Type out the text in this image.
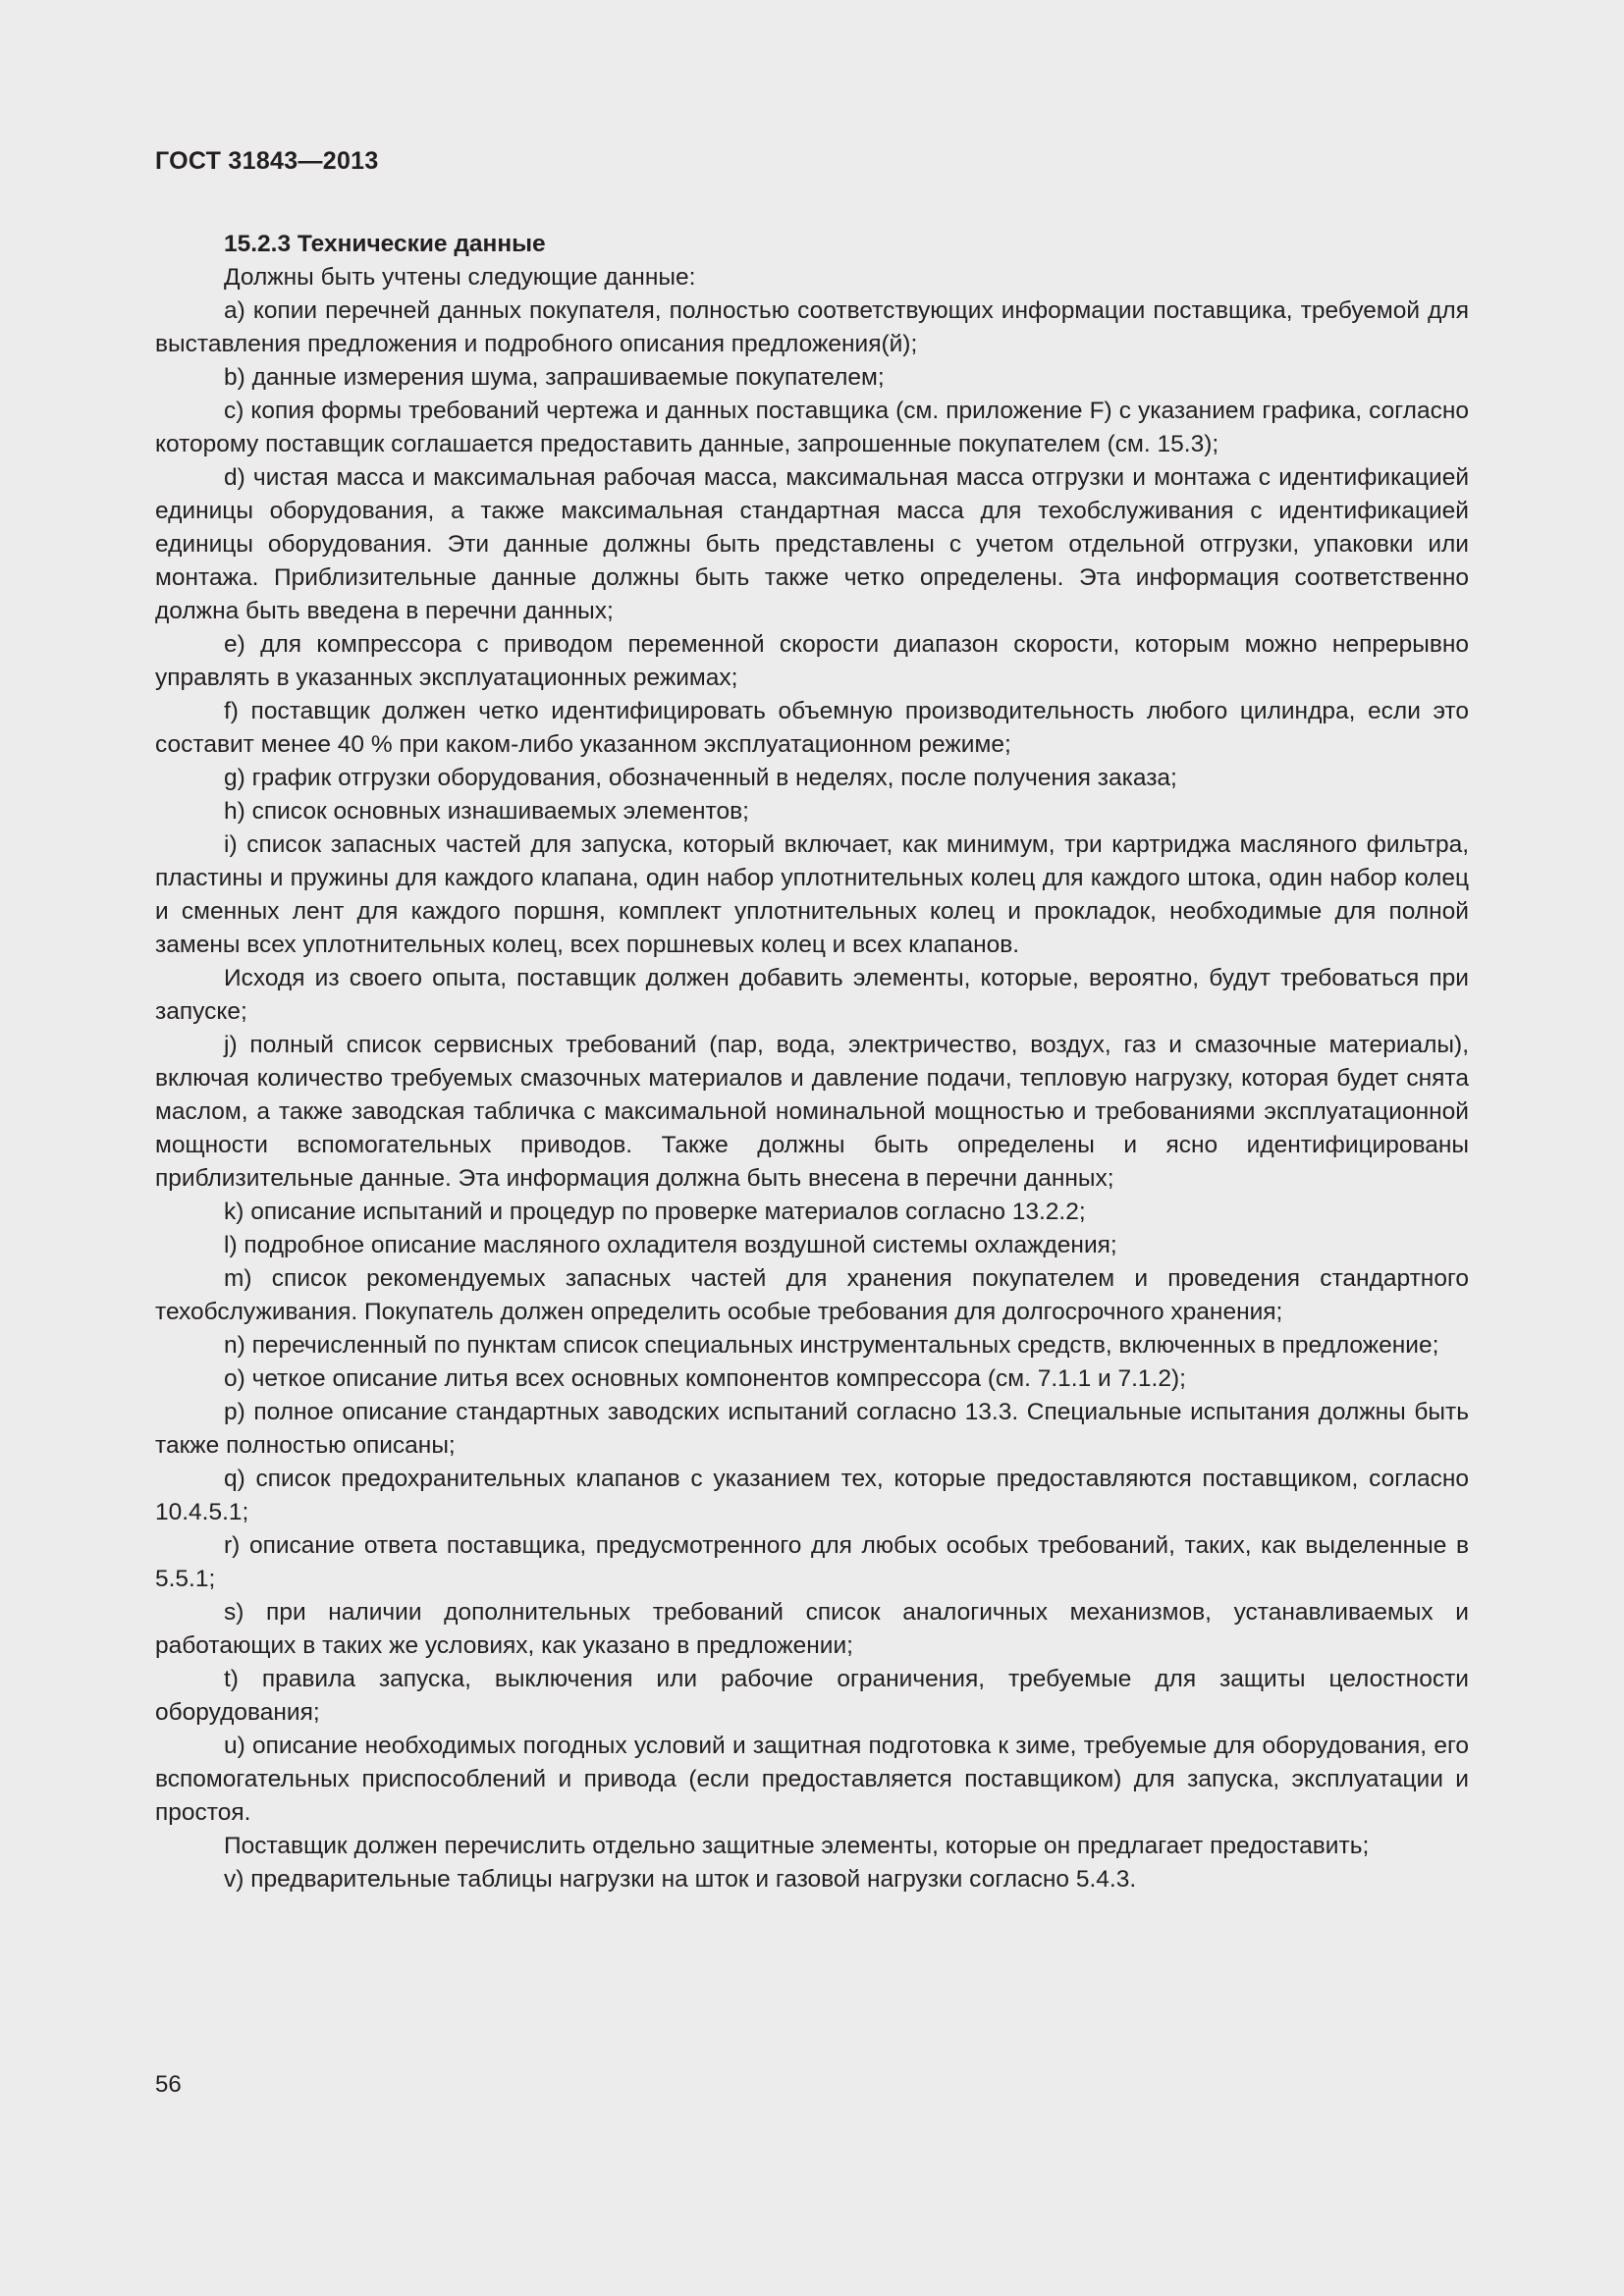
ГОСТ 31843—2013

15.2.3 Технические данные

Должны быть учтены следующие данные:

a) копии перечней данных покупателя, полностью соответствующих информации поставщика, требуемой для выставления предложения и подробного описания предложения(й);

b) данные измерения шума, запрашиваемые покупателем;

c) копия формы требований чертежа и данных поставщика (см. приложение F) с указанием графика, согласно которому поставщик соглашается предоставить данные, запрошенные покупателем (см. 15.3);

d) чистая масса и максимальная рабочая масса, максимальная масса отгрузки и монтажа с идентификацией единицы оборудования, а также максимальная стандартная масса для техобслуживания с идентификацией единицы оборудования. Эти данные должны быть представлены с учетом отдельной отгрузки, упаковки или монтажа. Приблизительные данные должны быть также четко определены. Эта информация соответственно должна быть введена в перечни данных;

e) для компрессора с приводом переменной скорости диапазон скорости, которым можно непрерывно управлять в указанных эксплуатационных режимах;

f) поставщик должен четко идентифицировать объемную производительность любого цилиндра, если это составит менее 40 % при каком-либо указанном эксплуатационном режиме;

g) график отгрузки оборудования, обозначенный в неделях, после получения заказа;

h) список основных изнашиваемых элементов;

i) список запасных частей для запуска, который включает, как минимум, три картриджа масляного фильтра, пластины и пружины для каждого клапана, один набор уплотнительных колец для каждого штока, один набор колец и сменных лент для каждого поршня, комплект уплотнительных колец и прокладок, необходимые для полной замены всех уплотнительных колец, всех поршневых колец и всех клапанов.

Исходя из своего опыта, поставщик должен добавить элементы, которые, вероятно, будут требоваться при запуске;

j) полный список сервисных требований (пар, вода, электричество, воздух, газ и смазочные материалы), включая количество требуемых смазочных материалов и давление подачи, тепловую нагрузку, которая будет снята маслом, а также заводская табличка с максимальной номинальной мощностью и требованиями эксплуатационной мощности вспомогательных приводов. Также должны быть определены и ясно идентифицированы приблизительные данные. Эта информация должна быть внесена в перечни данных;

k) описание испытаний и процедур по проверке материалов согласно 13.2.2;

l) подробное описание масляного охладителя воздушной системы охлаждения;

m) список рекомендуемых запасных частей для хранения покупателем и проведения стандартного техобслуживания. Покупатель должен определить особые требования для долгосрочного хранения;

n) перечисленный по пунктам список специальных инструментальных средств, включенных в предложение;

o) четкое описание литья всех основных компонентов компрессора (см. 7.1.1 и 7.1.2);

p) полное описание стандартных заводских испытаний согласно 13.3. Специальные испытания должны быть также полностью описаны;

q) список предохранительных клапанов с указанием тех, которые предоставляются поставщиком, согласно 10.4.5.1;

r) описание ответа поставщика, предусмотренного для любых особых требований, таких, как выделенные в 5.5.1;

s) при наличии дополнительных требований список аналогичных механизмов, устанавливаемых и работающих в таких же условиях, как указано в предложении;

t) правила запуска, выключения или рабочие ограничения, требуемые для защиты целостности оборудования;

u) описание необходимых погодных условий и защитная подготовка к зиме, требуемые для оборудования, его вспомогательных приспособлений и привода (если предоставляется поставщиком) для запуска, эксплуатации и простоя.

Поставщик должен перечислить отдельно защитные элементы, которые он предлагает предоставить;

v) предварительные таблицы нагрузки на шток и газовой нагрузки согласно 5.4.3.

56
